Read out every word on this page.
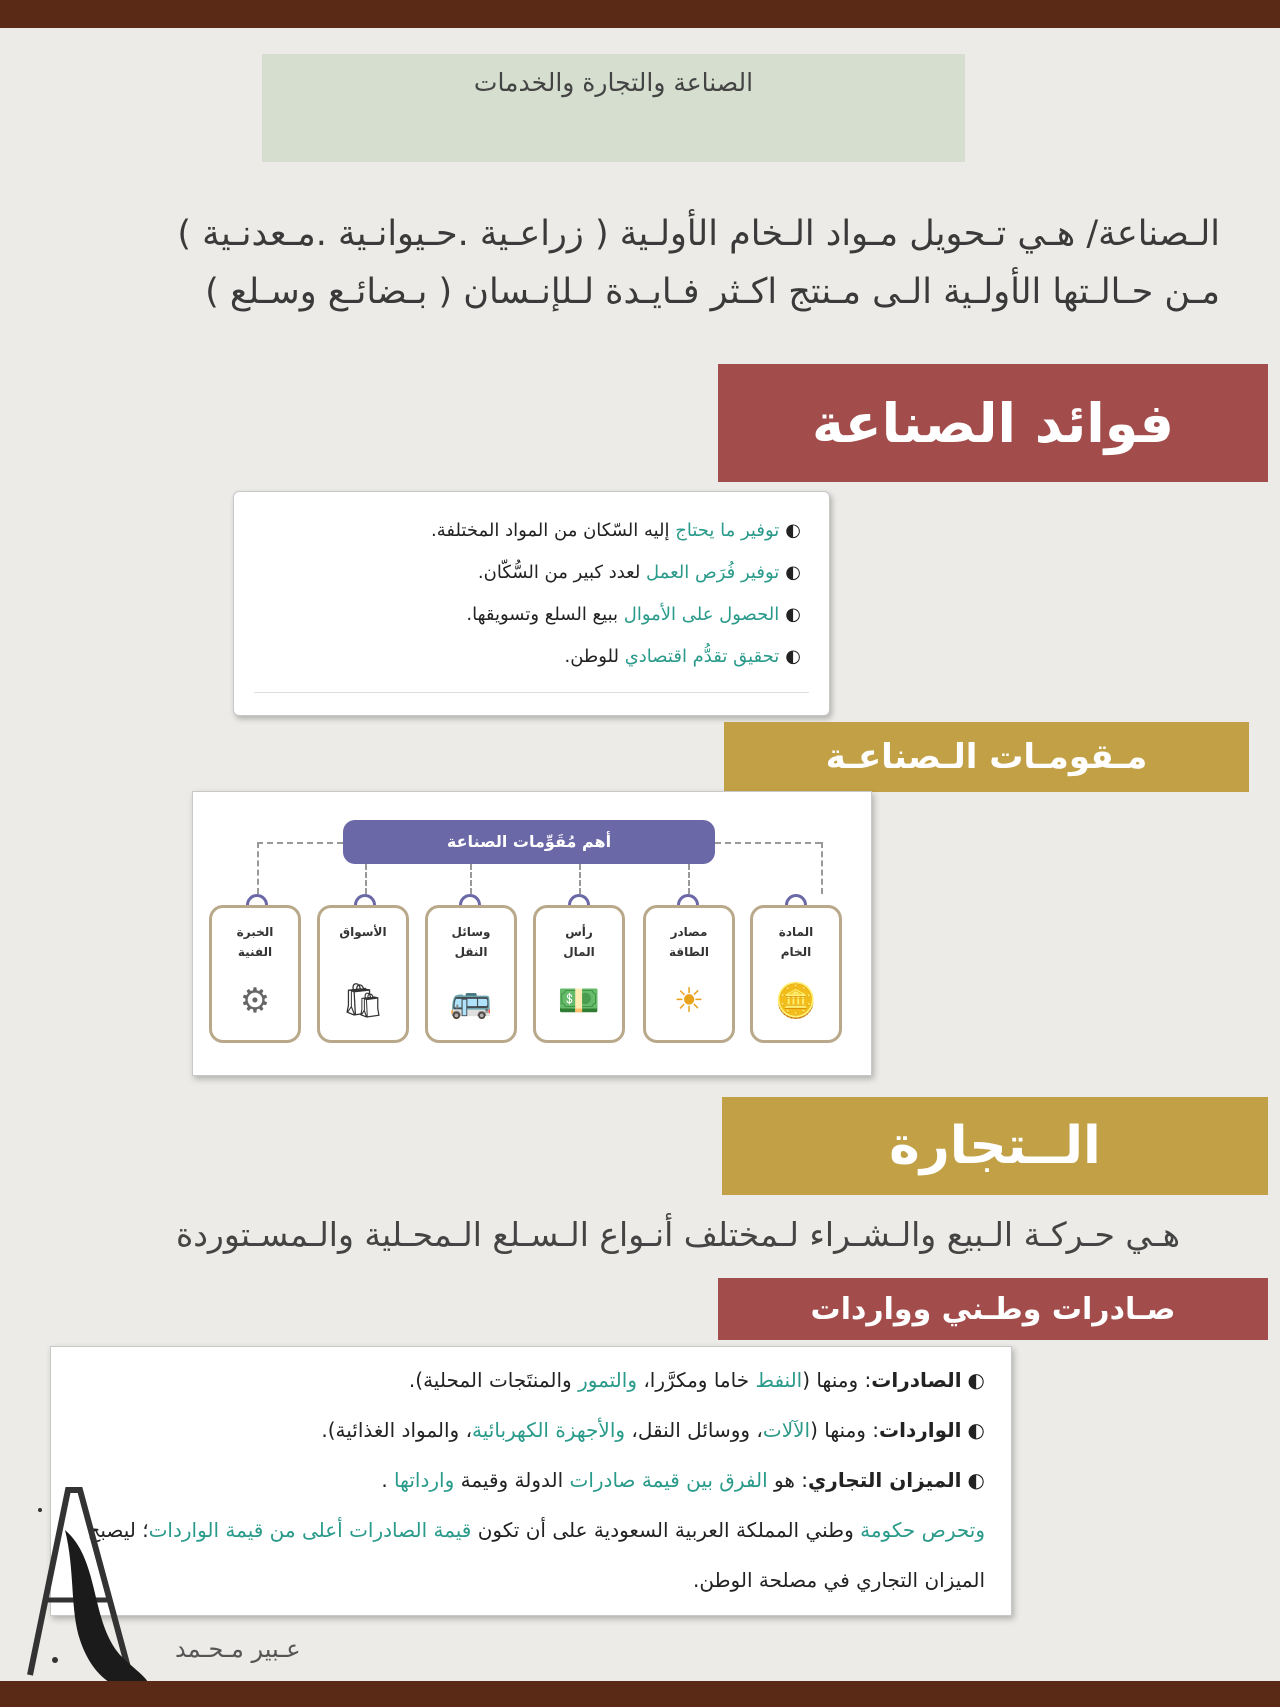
الصناعة والتجارة والخدمات
الـصناعة/ هـي تـحويل مـواد الـخام الأولـية ( زراعـية .حـيوانـية .مـعدنـية )
مـن حـالـتها الأولـية الـى مـنتج اكـثر فـايـدة لـلإنـسان ( بـضائـع وسـلع )
فوائد الصناعة
◐توفير ما يحتاج إليه السّكان من المواد المختلفة.
◐توفير فُرَص العمل لعدد كبير من السُّكّان.
◐الحصول على الأموال ببيع السلع وتسويقها.
◐تحقيق تقدُّم اقتصادي للوطن.
مـقومـات الـصناعـة
أهم مُقَوِّمات الصناعة
الخبرة
الفنية
⚙
الأسواق
🛍
وسائل
النقل
🚌
رأس
المال
💵
مصادر
الطاقة
☀
المادة
الخام
🪙
الــتجارة
هـي حـركـة الـبيع والـشـراء لـمختلف أنـواع الـسـلع الـمحـلية والـمسـتوردة
صـادرات وطـني وواردات

◐الصادرات: ومنها (النفط خاما ومكرَّرا، والتمور والمنتَجات المحلية).

◐الواردات: ومنها (الآلات، ووسائل النقل، والأجهزة الكهربائية، والمواد الغذائية).

◐الميزان التجاري: هو الفرق بين قيمة صادرات الدولة وقيمة وارداتها .

وتحرص حكومة وطني المملكة العربية السعودية على أن تكون قيمة الصادرات أعلى من قيمة الواردات؛ ليصبح الميزان التجاري في مصلحة الوطن.

عـبير مـحـمد
